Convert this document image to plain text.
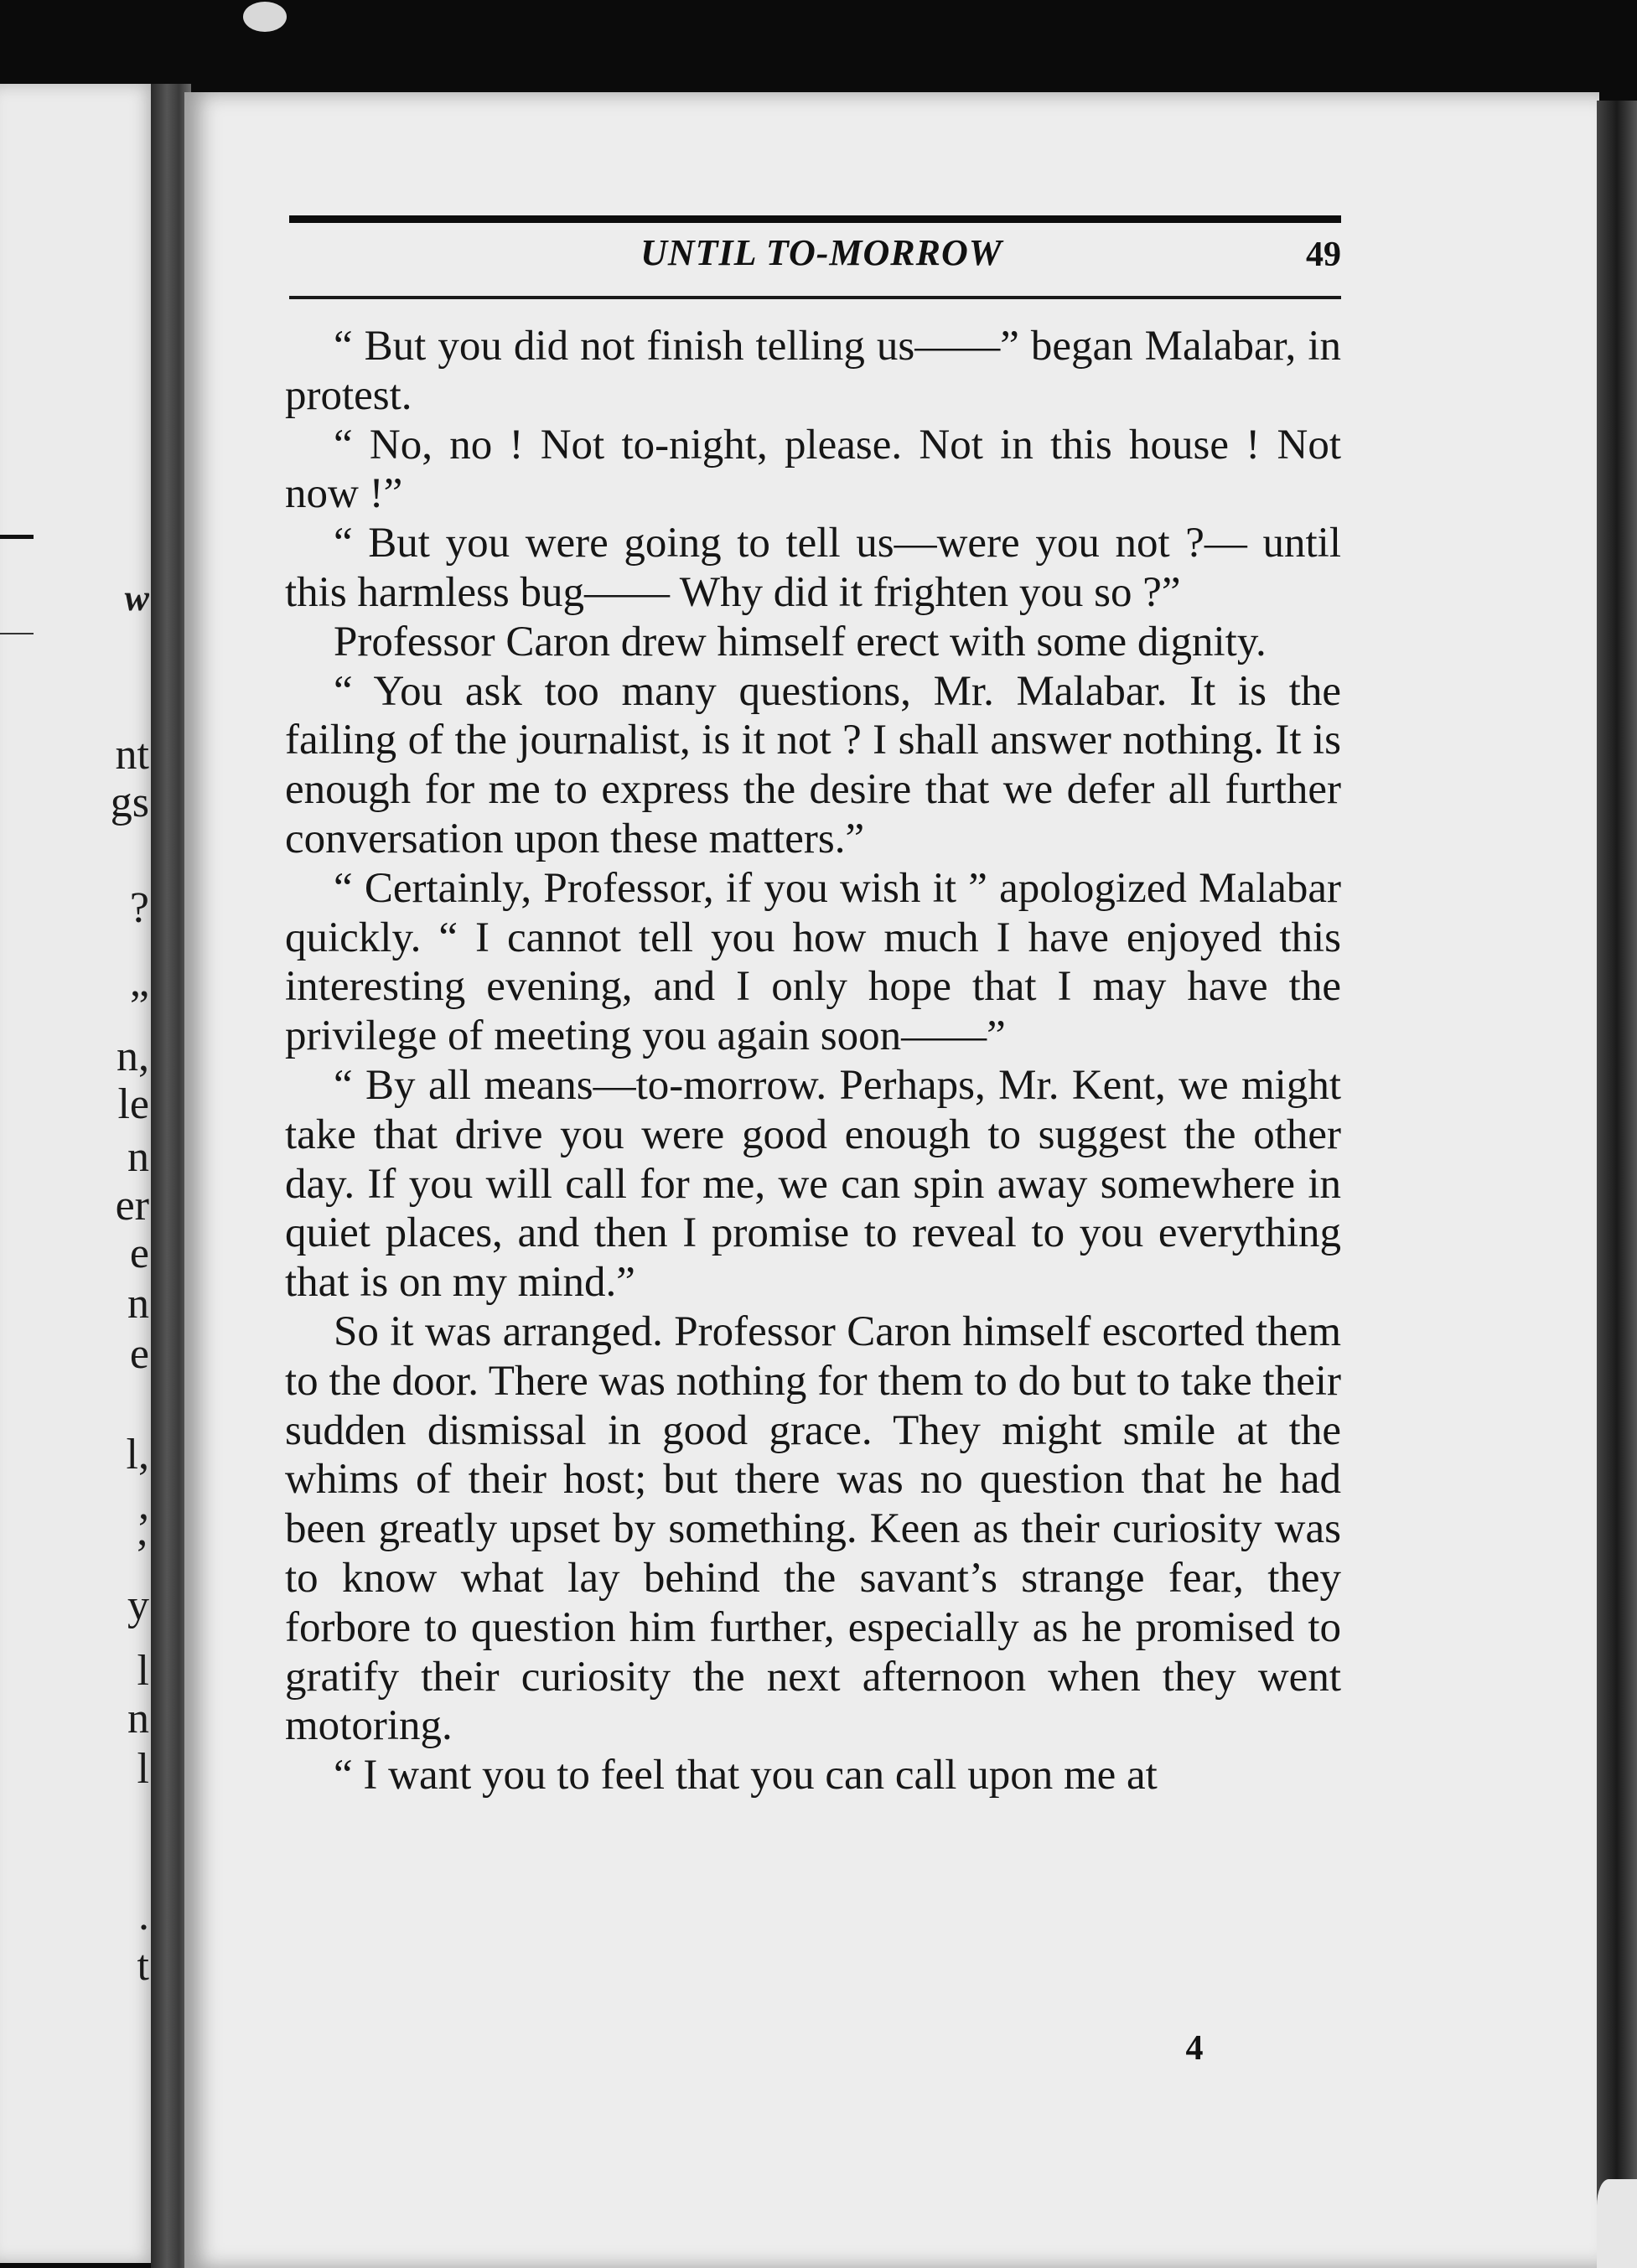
w
nt
gs
?
”
n,
le
n
er
e
n
e
l,
,
’
y
l
n
l
.
t
UNTIL TO-MORROW	49

“ But you did not finish telling us——” began Malabar, in protest.

“ No, no ! Not to-night, please. Not in this house ! Not now !”

“ But you were going to tell us—were you not ?— until this harmless bug—— Why did it frighten you so ?”

Professor Caron drew himself erect with some dignity.

“ You ask too many questions, Mr. Malabar. It is the failing of the journalist, is it not ? I shall answer nothing. It is enough for me to express the desire that we defer all further conversation upon these matters.”

“ Certainly, Professor, if you wish it ” apologized Malabar quickly. “ I cannot tell you how much I have enjoyed this interesting evening, and I only hope that I may have the privilege of meeting you again soon——”

“ By all means—to-morrow. Perhaps, Mr. Kent, we might take that drive you were good enough to suggest the other day. If you will call for me, we can spin away somewhere in quiet places, and then I promise to reveal to you everything that is on my mind.”

So it was arranged. Professor Caron himself escorted them to the door. There was nothing for them to do but to take their sudden dismissal in good grace. They might smile at the whims of their host; but there was no question that he had been greatly upset by something. Keen as their curiosity was to know what lay behind the savant’s strange fear, they forbore to question him further, especially as he promised to gratify their curiosity the next afternoon when they went motoring.

“ I want you to feel that you can call upon me at

4
